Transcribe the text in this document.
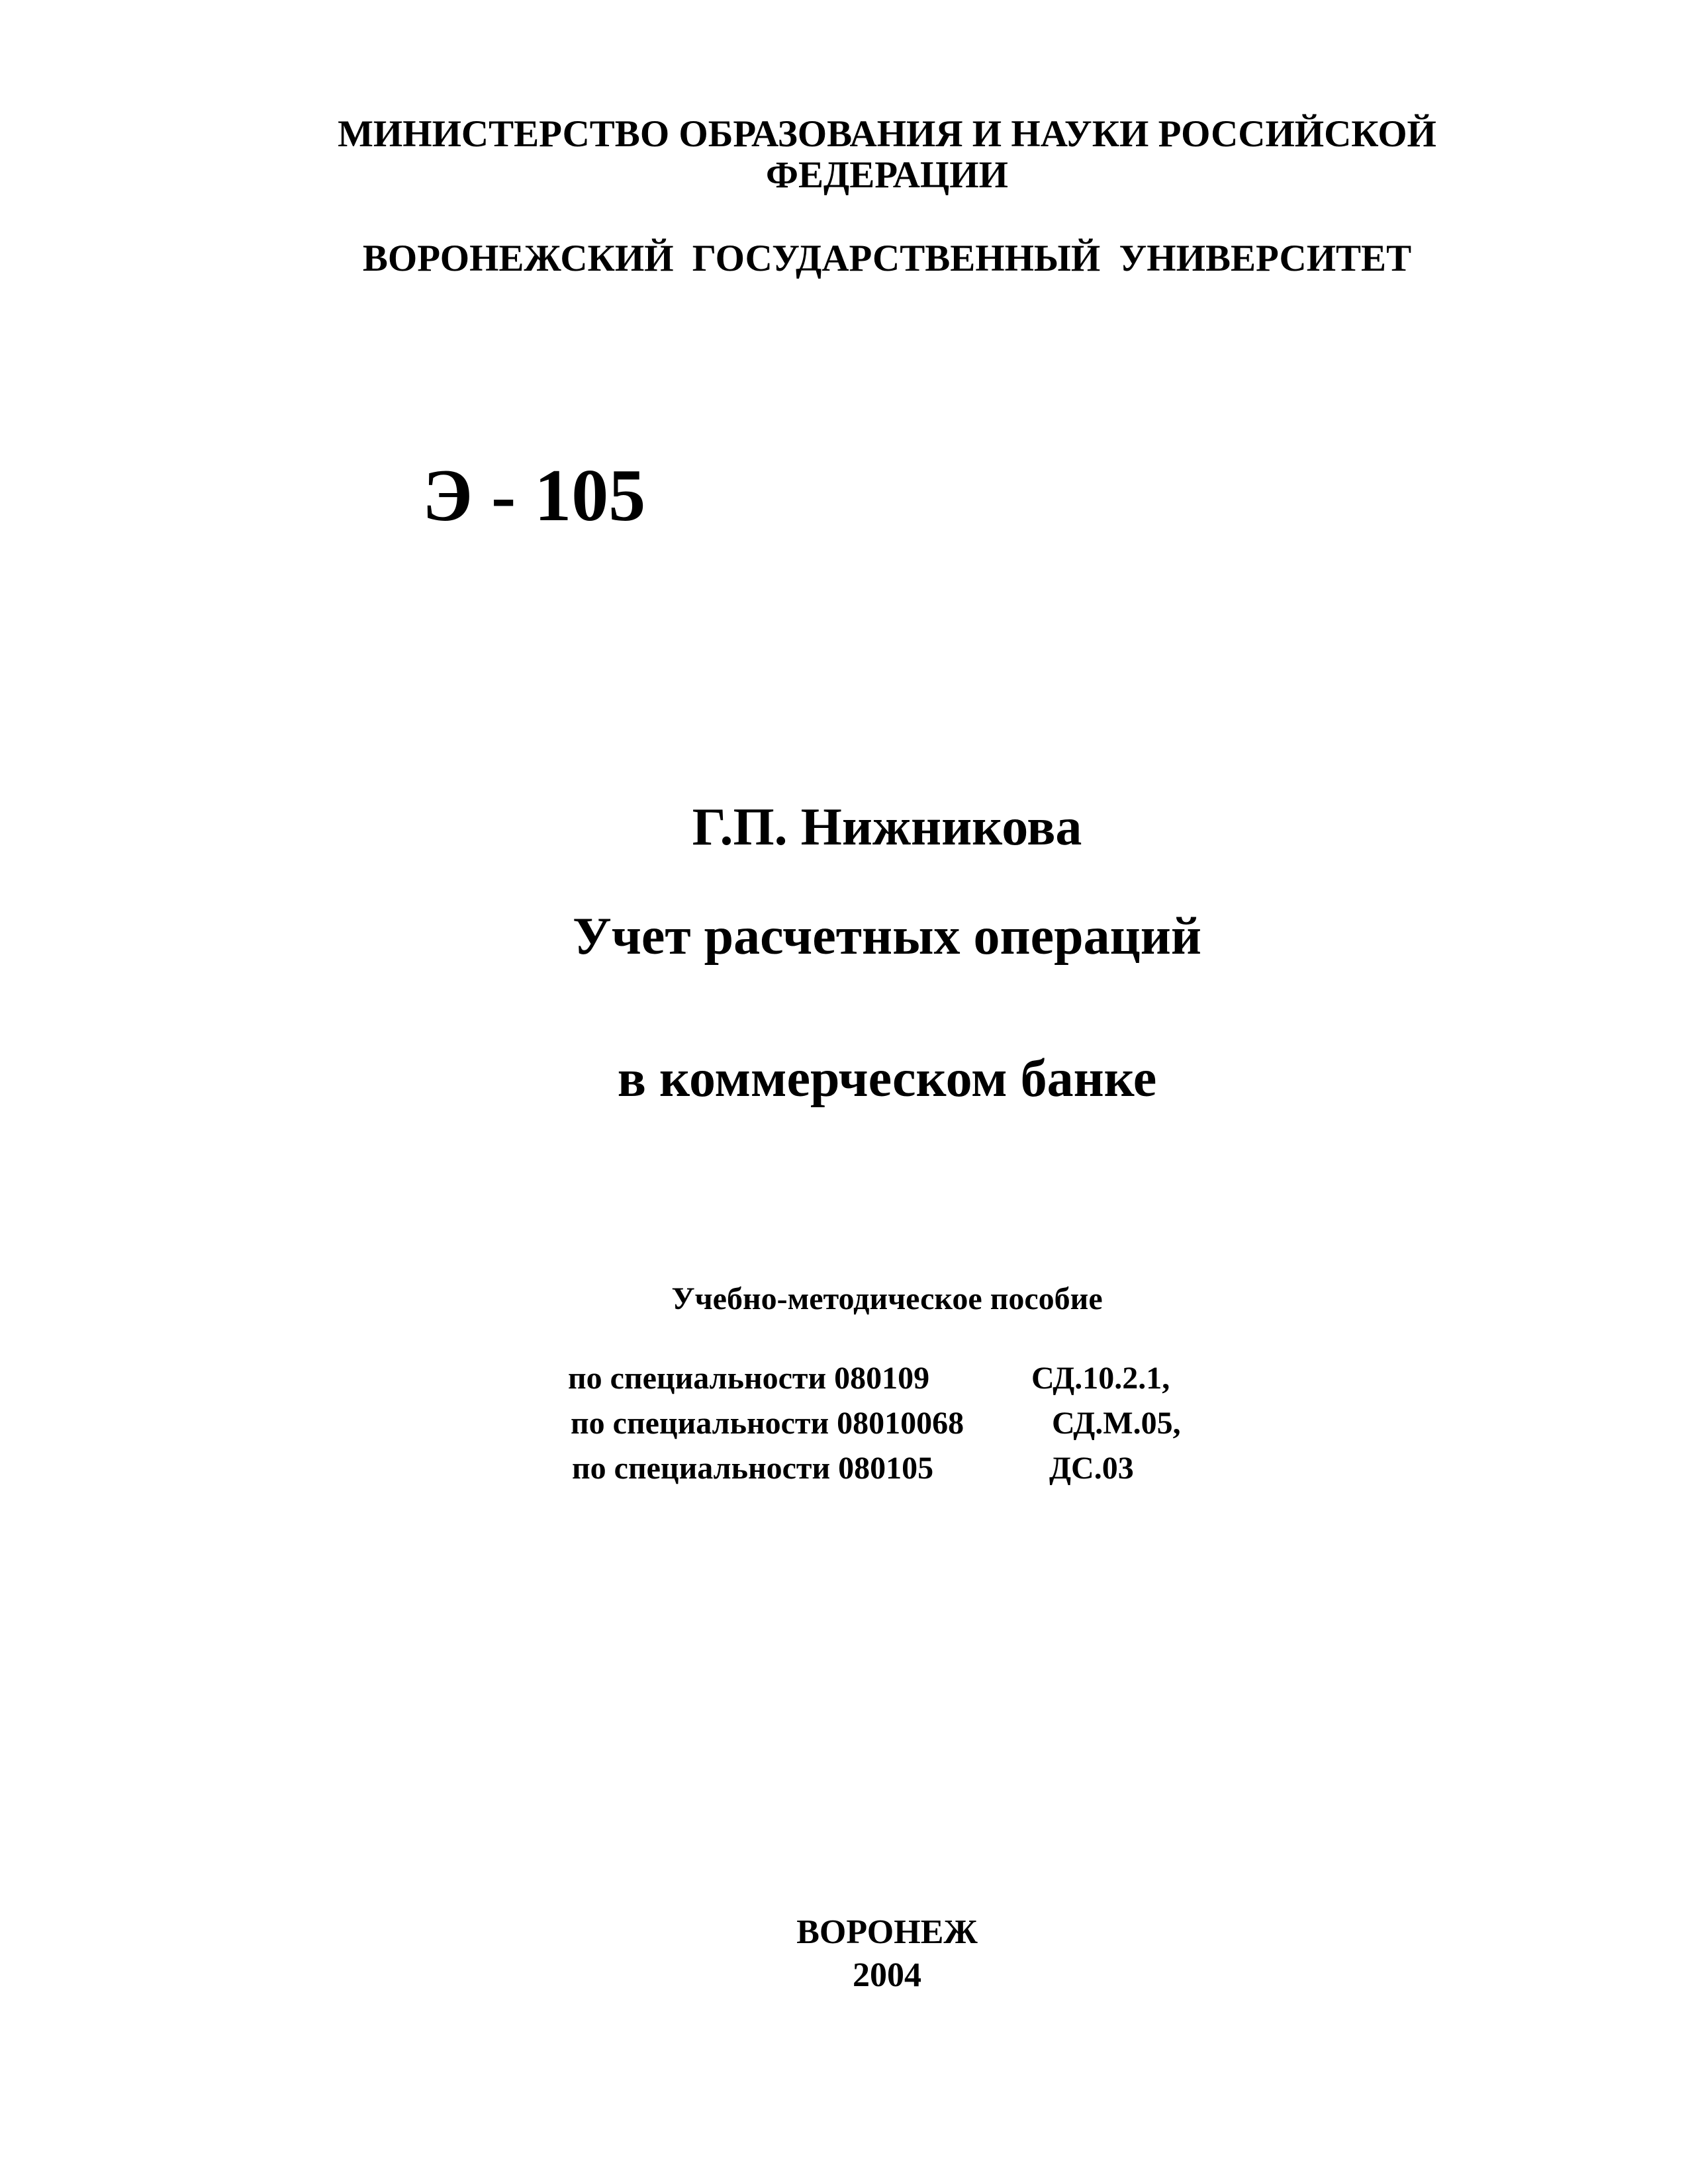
МИНИСТЕРСТВО ОБРАЗОВАНИЯ И НАУКИ РОССИЙСКОЙ
ФЕДЕРАЦИИ
ВОРОНЕЖСКИЙ ГОСУДАРСТВЕННЫЙ УНИВЕРСИТЕТ
Э - 105
Г.П. Нижникова
Учет расчетных операций
в коммерческом банке
Учебно-методическое пособие
по специальности 080109	СД.10.2.1,
по специальности 08010068	СД.М.05,
по специальности 080105	ДС.03
ВОРОНЕЖ
2004
